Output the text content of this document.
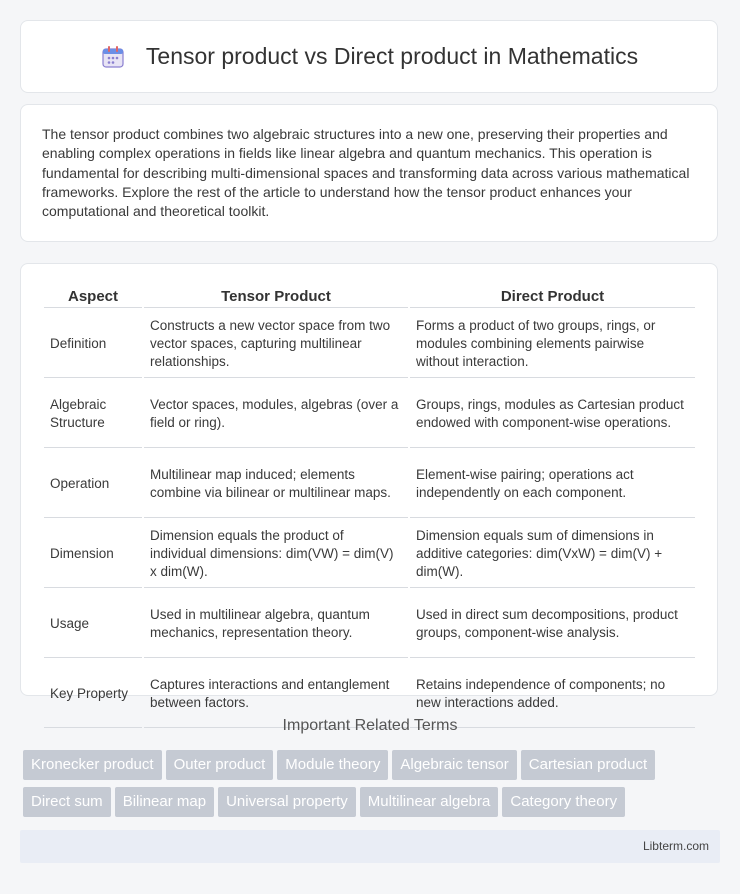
Tensor product vs Direct product in Mathematics

The tensor product combines two algebraic structures into a new one, preserving their properties and enabling complex operations in fields like linear algebra and quantum mechanics. This operation is fundamental for describing multi-dimensional spaces and transforming data across various mathematical frameworks. Explore the rest of the article to understand how the tensor product enhances your computational and theoretical toolkit.

Aspect	Tensor Product	Direct Product
Definition	Constructs a new vector space from two vector spaces, capturing multilinear relationships.	Forms a product of two groups, rings, or modules combining elements pairwise without interaction.
Algebraic Structure	Vector spaces, modules, algebras (over a field or ring).	Groups, rings, modules as Cartesian product endowed with component-wise operations.
Operation	Multilinear map induced; elements combine via bilinear or multilinear maps.	Element-wise pairing; operations act independently on each component.
Dimension	Dimension equals the product of individual dimensions: dim(VW) = dim(V) x dim(W).	Dimension equals sum of dimensions in additive categories: dim(VxW) = dim(V) + dim(W).
Usage	Used in multilinear algebra, quantum mechanics, representation theory.	Used in direct sum decompositions, product groups, component-wise analysis.
Key Property	Captures interactions and entanglement between factors.	Retains independence of components; no new interactions added.
Important Related Terms
Kronecker product Outer product Module theory Algebraic tensor Cartesian productDirect sum Bilinear map Universal property Multilinear algebra Category theory
Libterm.com
